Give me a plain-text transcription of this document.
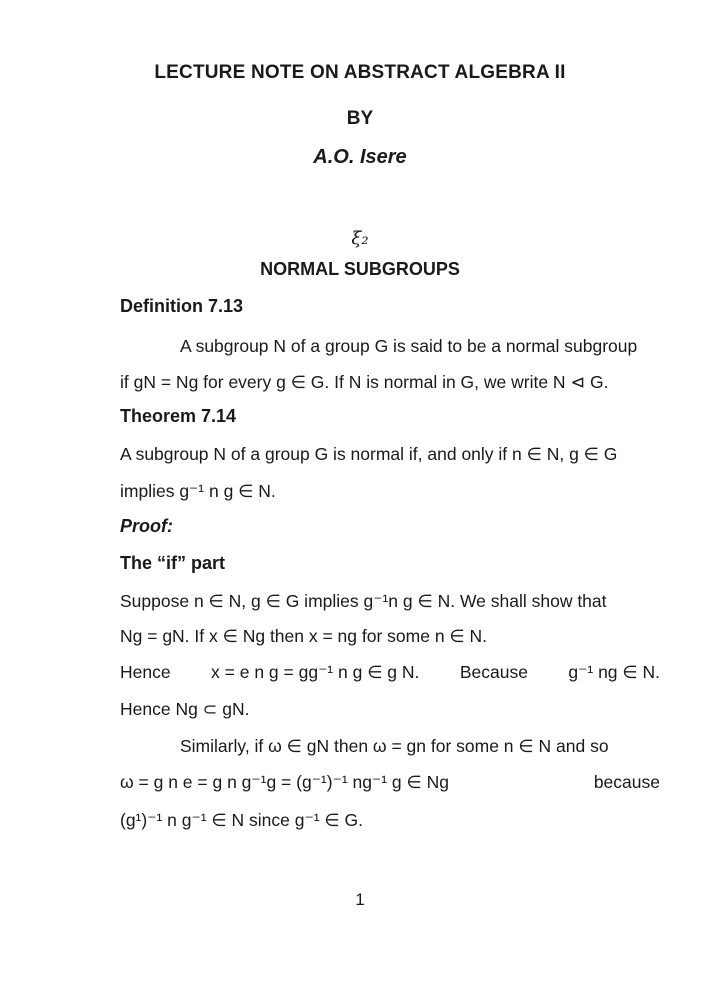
LECTURE NOTE ON ABSTRACT ALGEBRA II
BY
A.O. Isere
ξ₂
NORMAL SUBGROUPS
Definition 7.13
A subgroup N of a group G is said to be a normal subgroup
if gN = Ng for every g ∈ G. If N is normal in G, we write N ⊲ G.
Theorem 7.14
A subgroup N of a group G is normal if, and only if n ∈ N, g ∈ G
implies g⁻¹ n g ∈ N.
Proof:
The “if” part
Suppose n ∈ N, g ∈ G implies g⁻¹n g ∈ N. We shall show that
Ng = gN. If x ∈ Ng then x = ng for some n ∈ N.
Hence x = e n g = gg⁻¹ n g ∈ g N. Because g⁻¹ ng ∈ N.
Hence Ng ⊂ gN.
Similarly, if ω ∈ gN then ω = gn for some n ∈ N and so
ω = g n e = g n g⁻¹g = (g⁻¹)⁻¹ ng⁻¹ g ∈ Ng	because
(g¹)⁻¹ n g⁻¹ ∈ N since g⁻¹ ∈ G.
1
